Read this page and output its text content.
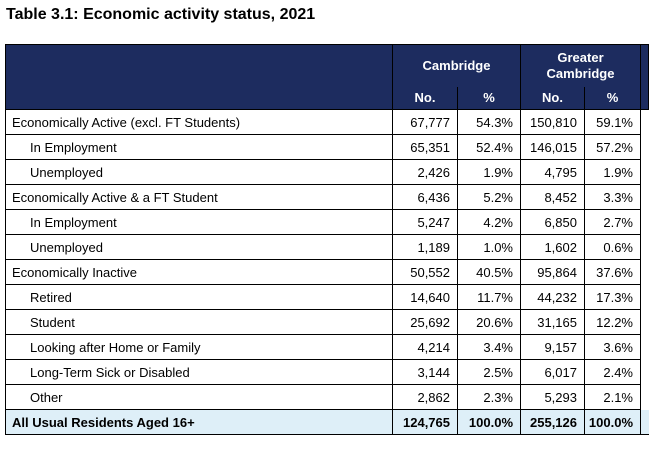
Table 3.1: Economic activity status, 2021

	Cambridge		Greater Cambridge		

	No.	%	No.	%	
Economically Active (excl. FT Students)	67,777	54.3%	150,810	59.1%	
In Employment	65,351	52.4%	146,015	57.2%	
Unemployed	2,426	1.9%	4,795	1.9%	
Economically Active & a FT Student	6,436	5.2%	8,452	3.3%	
In Employment	5,247	4.2%	6,850	2.7%	
Unemployed	1,189	1.0%	1,602	0.6%	
Economically Inactive	50,552	40.5%	95,864	37.6%	
Retired	14,640	11.7%	44,232	17.3%	
Student	25,692	20.6%	31,165	12.2%	
Looking after Home or Family	4,214	3.4%	9,157	3.6%	
Long-Term Sick or Disabled	3,144	2.5%	6,017	2.4%	
Other	2,862	2.3%	5,293	2.1%	
All Usual Residents Aged 16+	124,765	100.0%	255,126	100.0%	
